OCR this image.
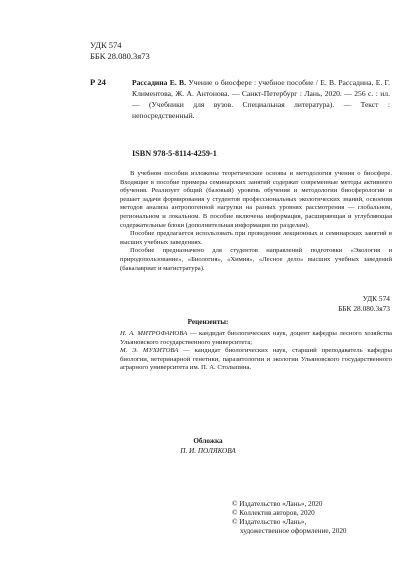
УДК 574
ББК 28.080.3я73
Р 24	Рассадина Е. В. Учение о биосфере : учебное пособие / Е. В. Рассадина, Е. Г. Климентова, Ж. А. Антонова. — Санкт-Петербург : Лань, 2020. — 256 с. : ил. — (Учебники для вузов. Специальная литература). — Текст : непосредственный.
ISBN 978-5-8114-4259-1

В учебном пособии изложены теоретические основы и методология учения о биосфере. Входящие в пособие примеры семинарских занятий содержат современные методы активного обучения. Реализует общий (базовый) уровень обучения и методологии биосферологии и решает задачи формирования у студентов профессиональных экологических знаний, освоения методов анализа антропогенной нагрузки на разных уровнях рассмотрения — глобальном, региональном и локальном. В пособие включена информация, расширяющая и углубляющая содержательные блоки (дополнительная информация по разделам).

Пособие предлагается использовать при проведении лекционных и семинарских занятий в высших учебных заведениях.

Пособие предназначено для студентов направлений подготовки «Экология и природопользование», «Биология», «Химия», «Лесное дело» высших учебных заведений (бакалавриат и магистратура).

УДК 574
ББК 28.080.3я73
Рецензенты:

Н. А. МИТРОФАНОВА — кандидат биологических наук, доцент кафедры лесного хозяйства Ульяновского государственного университета;

М. Э. МУХИТОВА — кандидат биологических наук, старший преподаватель кафедры биологии, ветеринарной генетики, паразитологии и экологии Ульяновского государственного аграрного университета им. П. А. Столыпина.

Обложка
П. И. ПОЛЯКОВА
© Издательство «Лань», 2020
© Коллектив авторов, 2020
© Издательство «Лань»,
художественное оформление, 2020
